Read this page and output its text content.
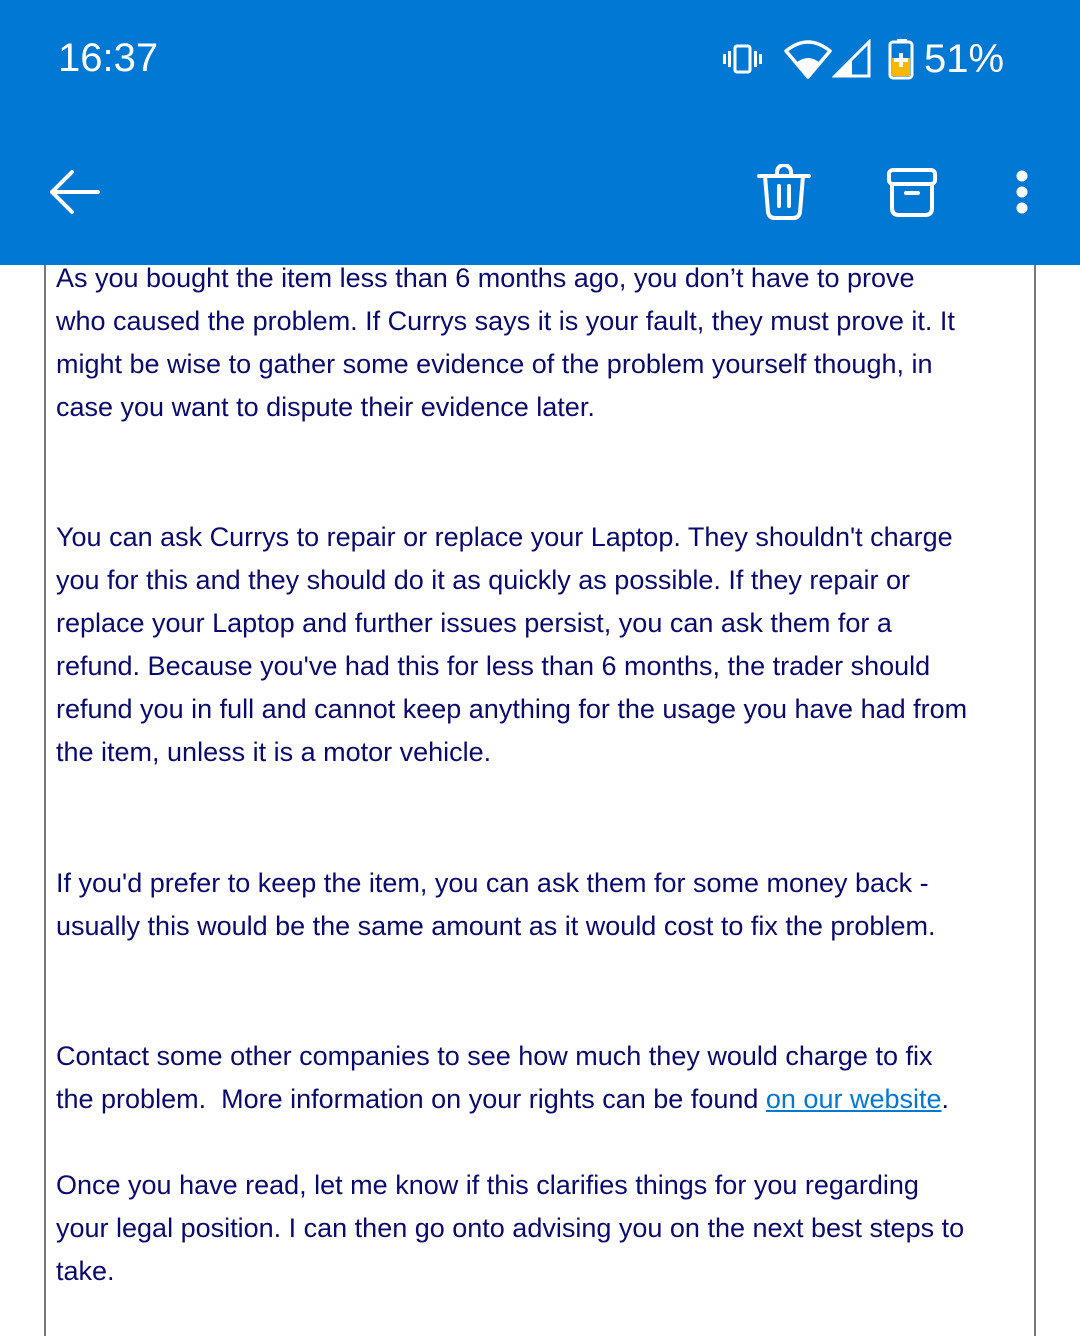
16:37	51%
As you bought the item less than 6 months ago, you don’t have to prove
who caused the problem. If Currys says it is your fault, they must prove it. It
might be wise to gather some evidence of the problem yourself though, in
case you want to dispute their evidence later.
You can ask Currys to repair or replace your Laptop. They shouldn't charge
you for this and they should do it as quickly as possible. If they repair or
replace your Laptop and further issues persist, you can ask them for a
refund. Because you've had this for less than 6 months, the trader should
refund you in full and cannot keep anything for the usage you have had from
the item, unless it is a motor vehicle.
If you'd prefer to keep the item, you can ask them for some money back -
usually this would be the same amount as it would cost to fix the problem.
Contact some other companies to see how much they would charge to fix
the problem.  More information on your rights can be found on our website.
Once you have read, let me know if this clarifies things for you regarding
your legal position. I can then go onto advising you on the next best steps to
take.
